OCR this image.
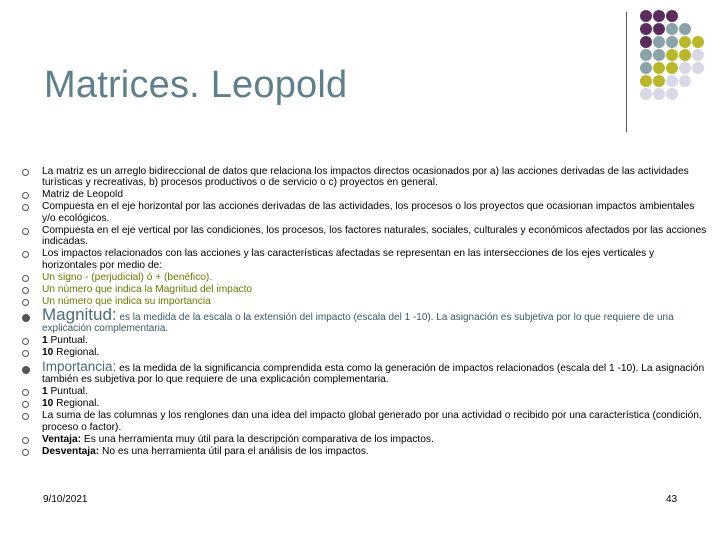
Matrices. Leopold
La matriz es un arreglo bidireccional de datos que relaciona los impactos directos ocasionados por a) las acciones derivadas de las actividades turísticas y recreativas, b) procesos productivos o de servicio o c) proyectos en general.
Matriz de Leopold
Compuesta en el eje horizontal por las acciones derivadas de las actividades, los procesos o los proyectos que ocasionan impactos ambientales y/o ecológicos.
Compuesta en el eje vertical por las condiciones, los procesos, los factores naturales, sociales, culturales y económicos afectados por las acciones indicadas.
Los impactos relacionados con las acciones y las características afectadas se representan en las intersecciones de los ejes verticales y horizontales por medio de:
Un signo - (perjudicial) ó + (benéfico).
Un número que indica la Magnitud del impacto
Un número que indica su importancia
Magnitud: es la medida de la escala o la extensión del impacto (escala del 1 -10). La asignación es subjetiva por lo que requiere de una explicación complementaria.
1 Puntual.
10 Regional.
Importancia: es la medida de la significancia comprendida esta como la generación de impactos relacionados (escala del 1 -10). La asignación también es subjetiva por lo que requiere de una explicación complementaria.
1 Puntual.
10 Regional.
La suma de las columnas y los renglones dan una idea del impacto global generado por una actividad o recibido por una característica (condición, proceso o factor).
Ventaja: Es una herramienta muy útil para la descripción comparativa de los impactos.
Desventaja: No es una herramienta útil para el análisis de los impactos.
9/10/2021	43
